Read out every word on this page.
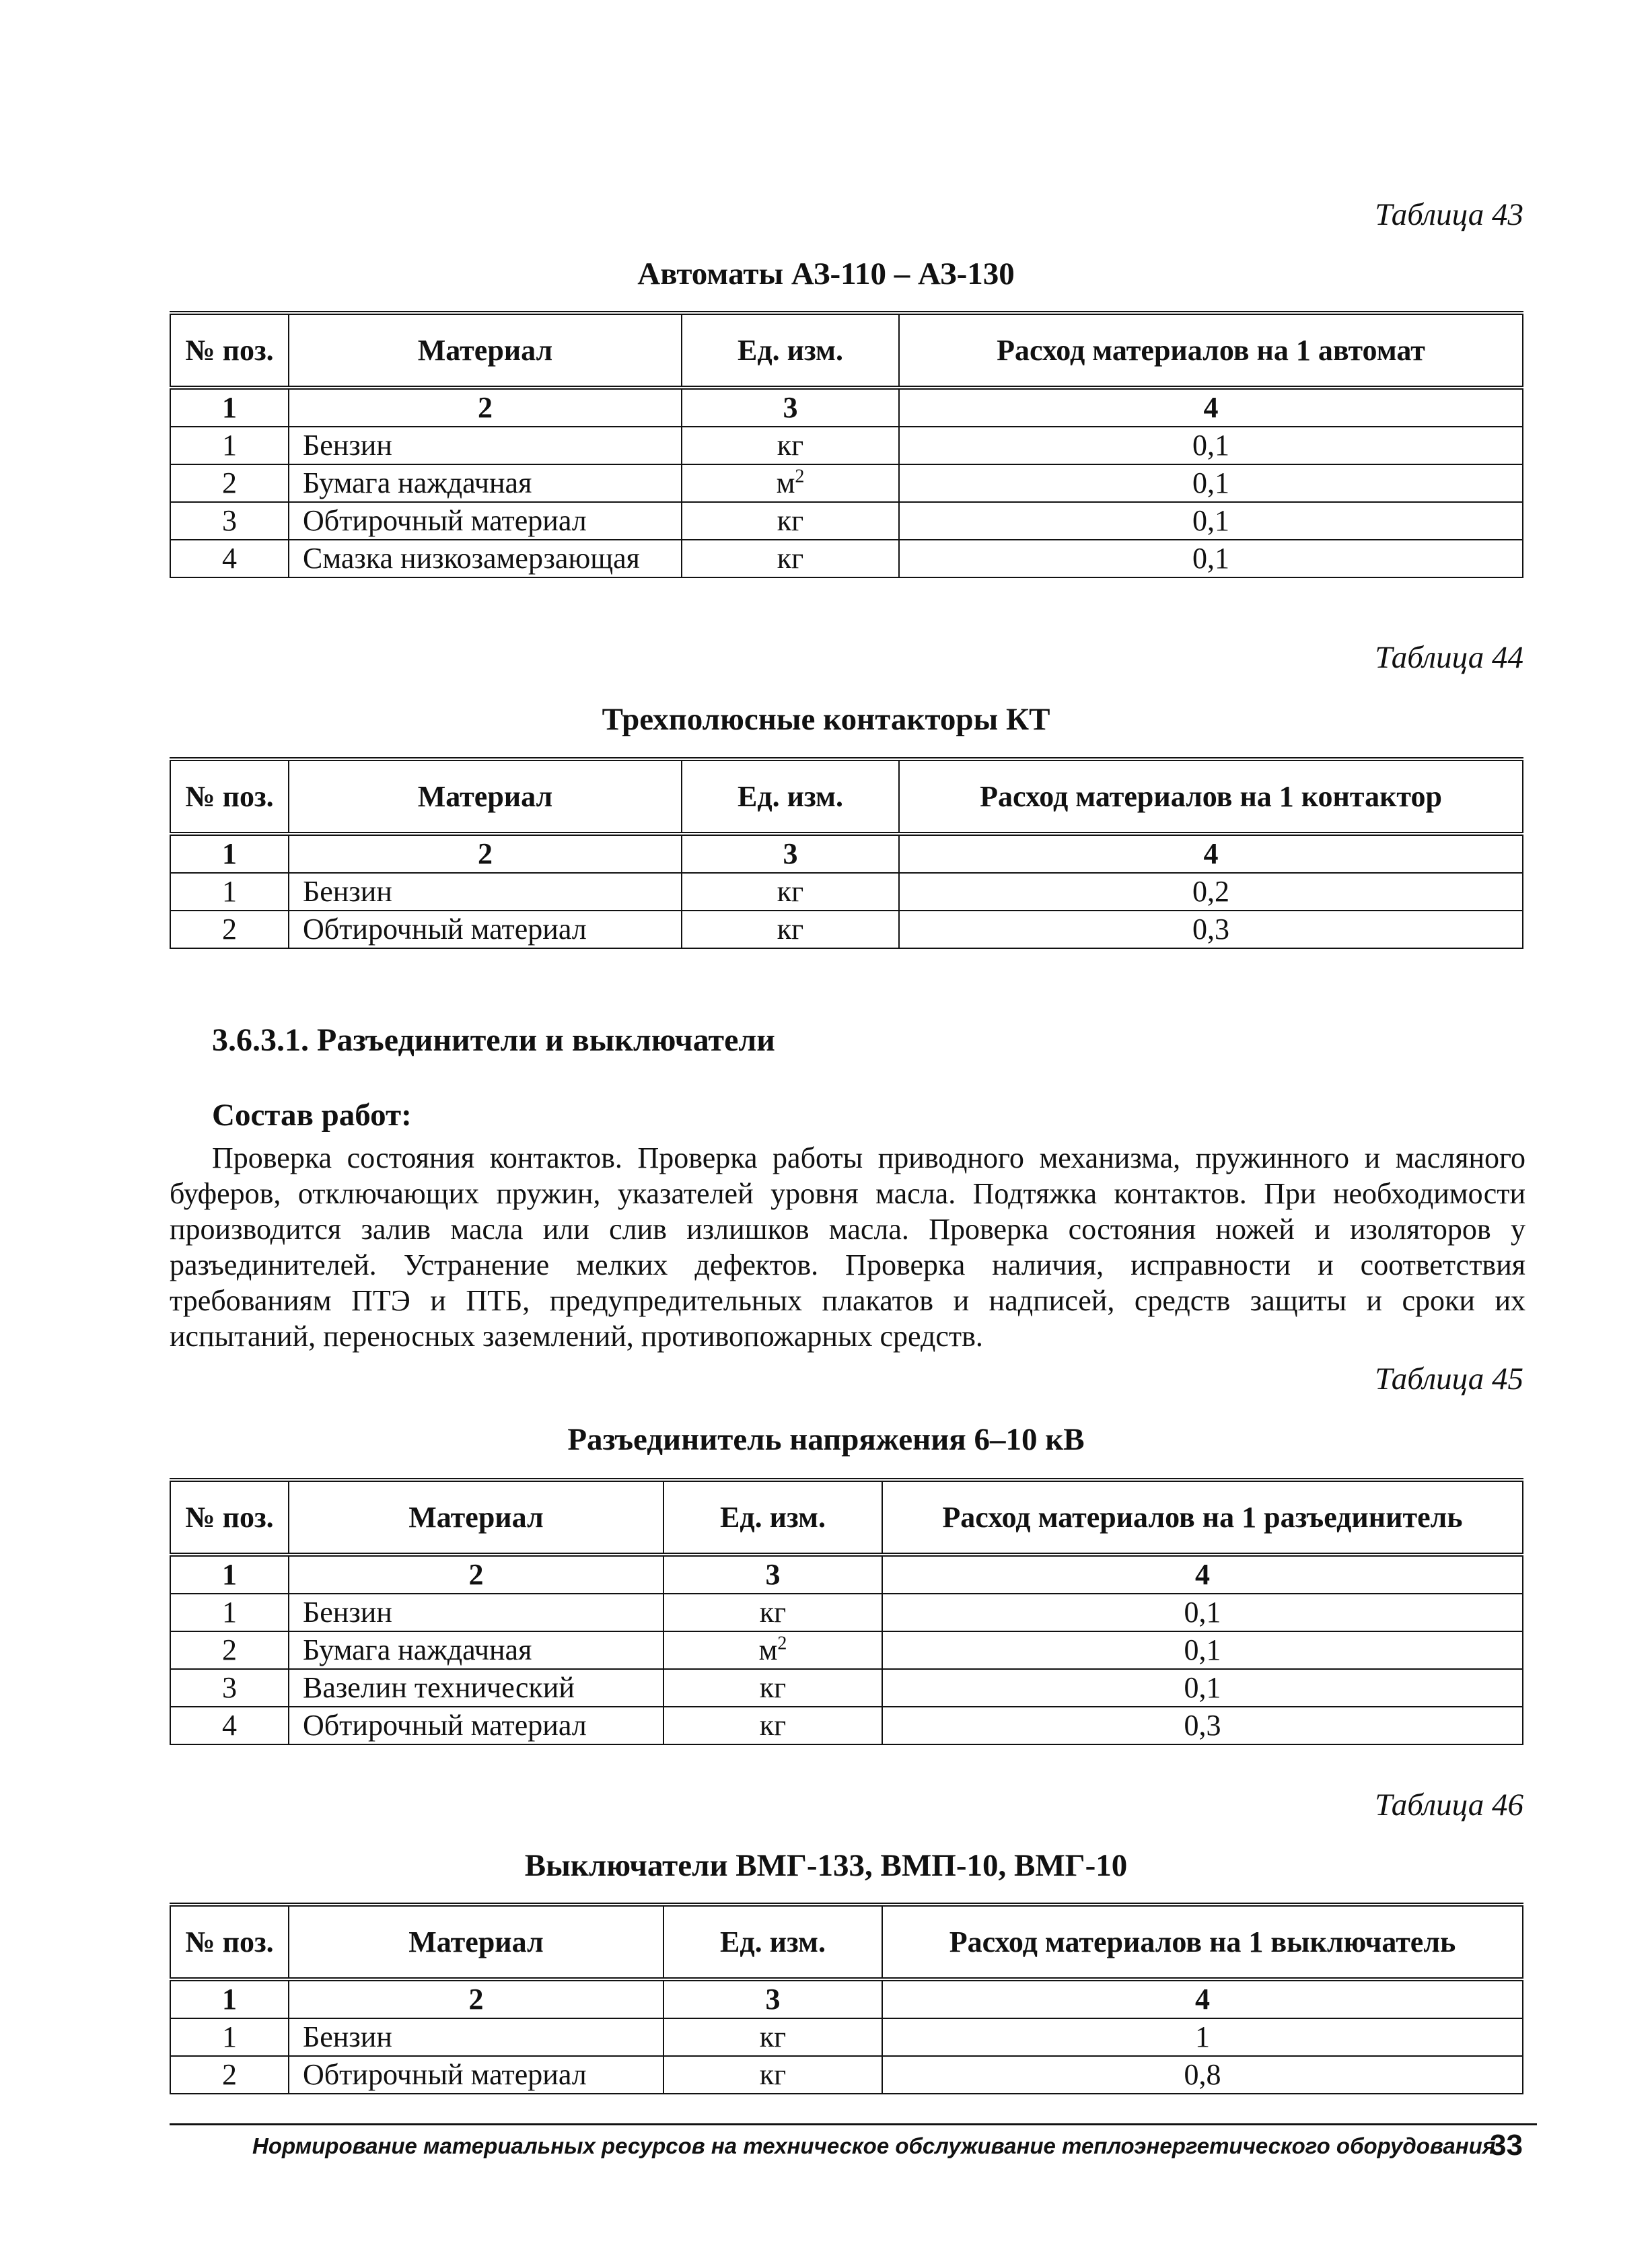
Таблица 43
Автоматы АЗ-110 – АЗ-130
№ поз.	Материал	Ед. изм.	Расход материалов на 1 автомат
1	2	3	4
1	Бензин	кг	0,1
2	Бумага наждачная	$м^2$	0,1
3	Обтирочный материал	кг	0,1
4	Смазка низкозамерзающая	кг	0,1
Таблица 44
Трехполюсные контакторы КТ
№ поз.	Материал	Ед. изм.	Расход материалов на 1 контактор
1	2	3	4
1	Бензин	кг	0,2
2	Обтирочный материал	кг	0,3
3.6.3.1. Разъединители и выключатели
Состав работ:

Проверка состояния контактов. Проверка работы приводного механизма, пружинного и масляного буферов, отключающих пружин, указателей уровня масла. Подтяжка контактов. При необходимости производится залив масла или слив излишков масла. Проверка состояния ножей и изоляторов у разъединителей. Устранение мелких дефектов. Проверка наличия, исправности и соответствия требованиям ПТЭ и ПТБ, предупредительных плакатов и надписей, средств защиты и сроки их испытаний, переносных заземлений, противопожарных средств.

Таблица 45
Разъединитель напряжения 6–10 кВ
№ поз.	Материал	Ед. изм.	Расход материалов на 1 разъединитель
1	2	3	4
1	Бензин	кг	0,1
2	Бумага наждачная	$м^2$	0,1
3	Вазелин технический	кг	0,1
4	Обтирочный материал	кг	0,3
Таблица 46
Выключатели ВМГ-133, ВМП-10, ВМГ-10
№ поз.	Материал	Ед. изм.	Расход материалов на 1 выключатель
1	2	3	4
1	Бензин	кг	1
2	Обтирочный материал	кг	0,8
Нормирование материальных ресурсов на техническое обслуживание теплоэнергетического оборудования
33
